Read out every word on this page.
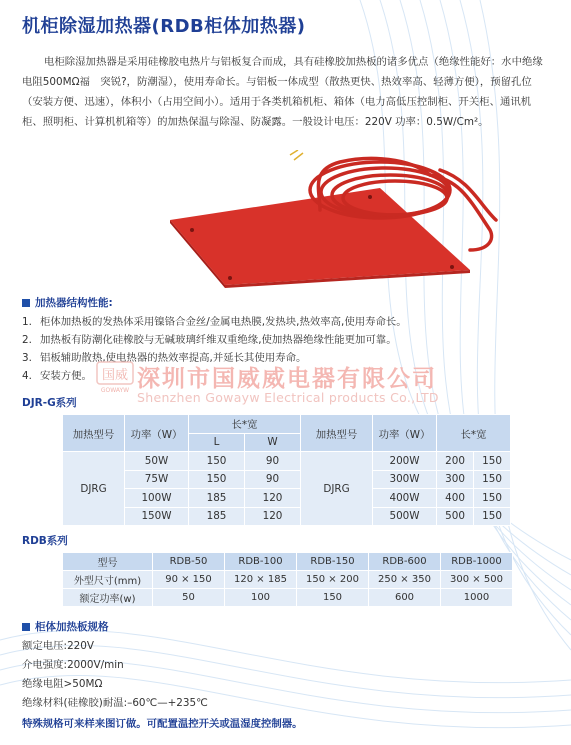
机柜除湿加热器(RDB柜体加热器)

电柜除湿加热器是采用硅橡胶电热片与铝板复合而成，具有硅橡胶加热板的诸多优点（绝缘性能好：水中绝缘电阻500MΩ福　突锐?，防潮湿），使用寿命长。与铝板一体成型（散热更快、热效率高、轻薄方便），预留孔位（安装方便、迅速），体积小（占用空间小）。适用于各类机箱机柜、箱体（电力高低压控制柜、开关柜、通讯机柜、照明柜、计算机机箱等）的加热保温与除湿、防凝露。一般设计电压：220V 功率：0.5W/Cm²。

加热器结构性能:
1. 柜体加热板的发热体采用镍铬合金丝/金属电热膜,发热块,热效率高,使用寿命长。
2. 加热板有防潮化硅橡胶与无碱玻璃纤维双重绝缘,使加热器绝缘性能更加可靠。
3. 铝板辅助散热,使电热器的热效率提高,并延长其使用寿命。
4. 安装方便。 国威
GOWAYW 深圳市国威威电器有限公司
Shenzhen Gowayw Electrical products Co.,LTD
DJR-G系列
加热型号	功率（W）	长*宽		加热型号	功率（W）	长*宽	
		L	W				
DJRG	50W	150	90	DJRG	200W	200	150
	75W	150	90		300W	300	150
	100W	185	120		400W	400	150
	150W	185	120		500W	500	150
RDB系列
型号	RDB-50	RDB-100	RDB-150	RDB-600	RDB-1000
外型尺寸(mm)	90 × 150	120 × 185	150 × 200	250 × 350	300 × 500
额定功率(w)	50	100	150	600	1000
柜体加热板规格
额定电压:220V
介电强度:2000V/min
绝缘电阻>50MΩ
绝缘材料(硅橡胶)耐温:–60℃—+235℃
特殊规格可来样来图订做。可配置温控开关或温湿度控制器。
